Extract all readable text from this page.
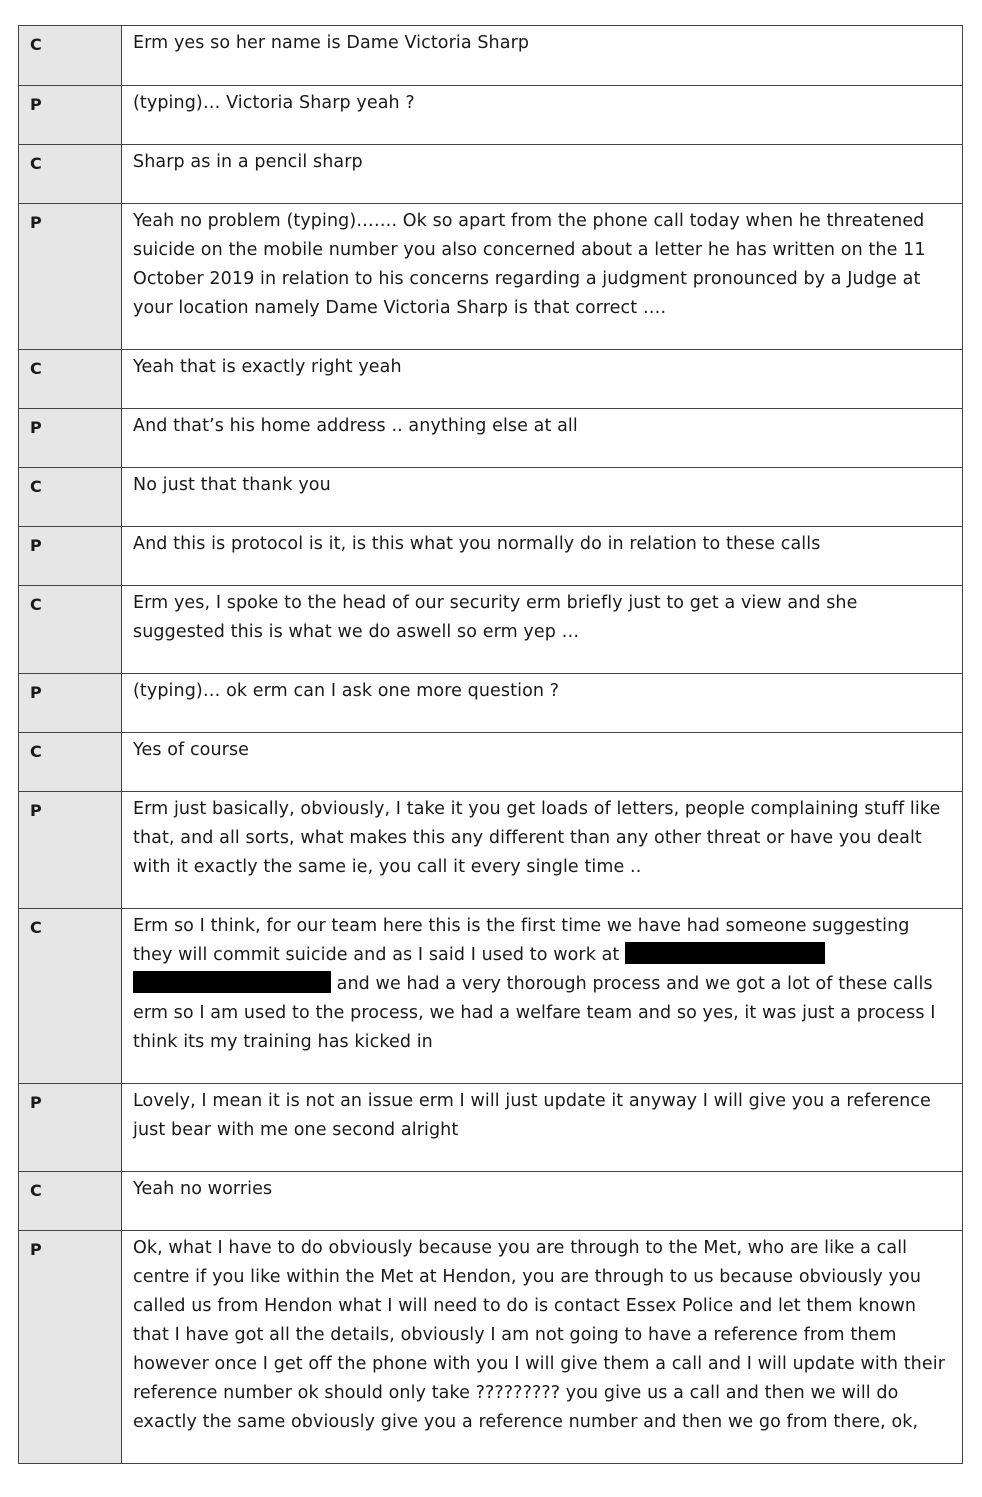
C	Erm yes so her name is Dame Victoria Sharp
P	(typing)… Victoria Sharp yeah ?
C	Sharp as in a pencil sharp
P	Yeah no problem (typing)……. Ok so apart from the phone call today when he threatened suicide on the mobile number you also concerned about a letter he has written on the 11 October 2019 in relation to his concerns regarding a judgment pronounced by a Judge at your location namely Dame Victoria Sharp is that correct ….
C	Yeah that is exactly right yeah
P	And that’s his home address .. anything else at all
C	No just that thank you
P	And this is protocol is it, is this what you normally do in relation to these calls
C	Erm yes, I spoke to the head of our security erm briefly just to get a view and she suggested this is what we do aswell so erm yep …
P	(typing)… ok erm can I ask one more question ?
C	Yes of course
P	Erm just basically, obviously, I take it you get loads of letters, people complaining stuff like that, and all sorts, what makes this any different than any other threat or have you dealt with it exactly the same ie, you call it every single time ..
C	Erm so I think, for our team here this is the first time we have had someone suggesting they will commit suicide and as I said I used to work at   and we had a very thorough process and we got a lot of these calls erm so I am used to the process, we had a welfare team and so yes, it was just a process I think its my training has kicked in
P	Lovely, I mean it is not an issue erm I will just update it anyway I will give you a reference just bear with me one second alright
C	Yeah no worries
P	Ok, what I have to do obviously because you are through to the Met, who are like a call centre if you like within the Met at Hendon, you are through to us because obviously you called us from Hendon what I will need to do is contact Essex Police and let them known that I have got all the details, obviously I am not going to have a reference from them however once I get off the phone with you I will give them a call and I will update with their reference number ok should only take ????????? you give us a call and then we will do exactly the same obviously give you a reference number and then we go from there, ok,
